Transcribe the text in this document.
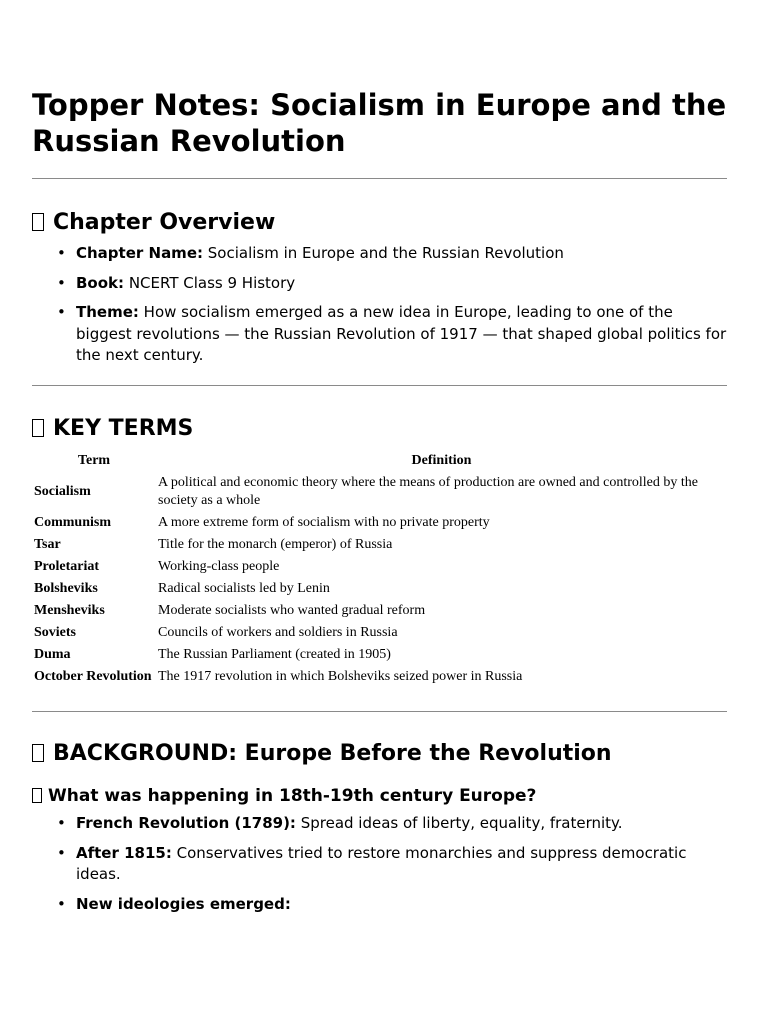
Topper Notes: Socialism in Europe and the Russian Revolution
Chapter Overview
• Chapter Name: Socialism in Europe and the Russian Revolution
• Book: NCERT Class 9 History
• Theme: How socialism emerged as a new idea in Europe, leading to one of the biggest revolutions — the Russian Revolution of 1917 — that shaped global politics for the next century.
KEY TERMS
Term	Definition
Socialism	A political and economic theory where the means of production are owned and controlled by the society as a whole
Communism	A more extreme form of socialism with no private property
Tsar	Title for the monarch (emperor) of Russia
Proletariat	Working-class people
Bolsheviks	Radical socialists led by Lenin
Mensheviks	Moderate socialists who wanted gradual reform
Soviets	Councils of workers and soldiers in Russia
Duma	The Russian Parliament (created in 1905)
October Revolution	The 1917 revolution in which Bolsheviks seized power in Russia
BACKGROUND: Europe Before the Revolution
What was happening in 18th-19th century Europe?
• French Revolution (1789): Spread ideas of liberty, equality, fraternity.
• After 1815: Conservatives tried to restore monarchies and suppress democratic ideas.
• New ideologies emerged:
